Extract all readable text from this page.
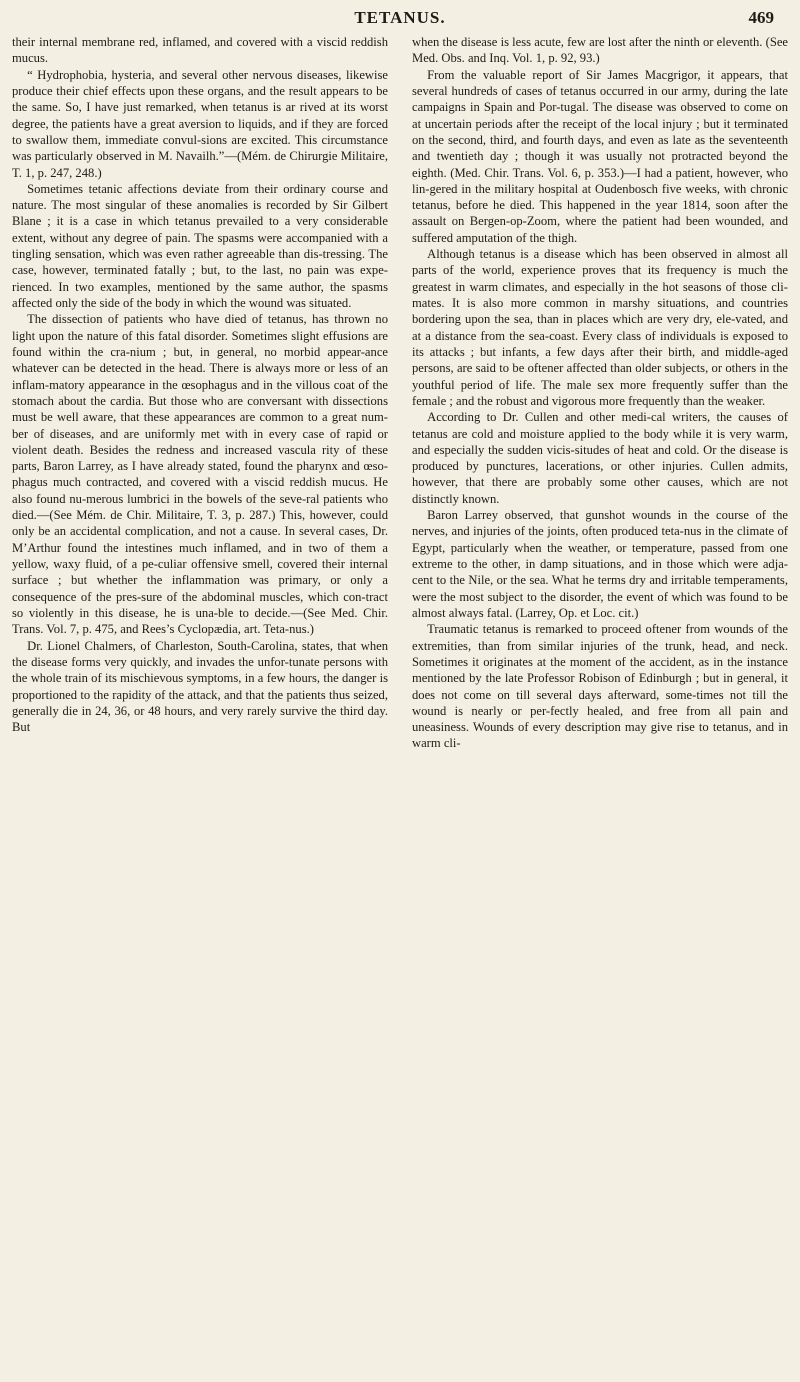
TETANUS.	469

their internal membrane red, inflamed, and covered with a viscid reddish mucus.

“ Hydrophobia, hysteria, and several other nervous diseases, likewise produce their chief effects upon these organs, and the result appears to be the same. So, I have just remarked, when tetanus is ar rived at its worst degree, the patients have a great aversion to liquids, and if they are forced to swallow them, immediate convul-sions are excited. This circumstance was particularly observed in M. Navailh.”—(Mém. de Chirurgie Militaire, T. 1, p. 247, 248.)

Sometimes tetanic affections deviate from their ordinary course and nature. The most singular of these anomalies is recorded by Sir Gilbert Blane ; it is a case in which tetanus prevailed to a very considerable extent, without any degree of pain. The spasms were accompanied with a tingling sensation, which was even rather agreeable than dis-tressing. The case, however, terminated fatally ; but, to the last, no pain was expe-rienced. In two examples, mentioned by the same author, the spasms affected only the side of the body in which the wound was situated.

The dissection of patients who have died of tetanus, has thrown no light upon the nature of this fatal disorder. Sometimes slight effusions are found within the cra-nium ; but, in general, no morbid appear-ance whatever can be detected in the head. There is always more or less of an inflam-matory appearance in the œsophagus and in the villous coat of the stomach about the cardia. But those who are conversant with dissections must be well aware, that these appearances are common to a great num-ber of diseases, and are uniformly met with in every case of rapid or violent death. Besides the redness and increased vascula rity of these parts, Baron Larrey, as I have already stated, found the pharynx and œso-phagus much contracted, and covered with a viscid reddish mucus. He also found nu-merous lumbrici in the bowels of the seve-ral patients who died.—(See Mém. de Chir. Militaire, T. 3, p. 287.) This, however, could only be an accidental complication, and not a cause. In several cases, Dr. M’Arthur found the intestines much inflamed, and in two of them a yellow, waxy fluid, of a pe-culiar offensive smell, covered their internal surface ; but whether the inflammation was primary, or only a consequence of the pres-sure of the abdominal muscles, which con-tract so violently in this disease, he is una-ble to decide.—(See Med. Chir. Trans. Vol. 7, p. 475, and Rees’s Cyclopædia, art. Teta-nus.)

Dr. Lionel Chalmers, of Charleston, South-Carolina, states, that when the disease forms very quickly, and invades the unfor-tunate persons with the whole train of its mischievous symptoms, in a few hours, the danger is proportioned to the rapidity of the attack, and that the patients thus seized, generally die in 24, 36, or 48 hours, and very rarely survive the third day. But

when the disease is less acute, few are lost after the ninth or eleventh. (See Med. Obs. and Inq. Vol. 1, p. 92, 93.)

From the valuable report of Sir James Macgrigor, it appears, that several hundreds of cases of tetanus occurred in our army, during the late campaigns in Spain and Por-tugal. The disease was observed to come on at uncertain periods after the receipt of the local injury ; but it terminated on the second, third, and fourth days, and even as late as the seventeenth and twentieth day ; though it was usually not protracted beyond the eighth. (Med. Chir. Trans. Vol. 6, p. 353.)—I had a patient, however, who lin-gered in the military hospital at Oudenbosch five weeks, with chronic tetanus, before he died. This happened in the year 1814, soon after the assault on Bergen-op-Zoom, where the patient had been wounded, and suffered amputation of the thigh.

Although tetanus is a disease which has been observed in almost all parts of the world, experience proves that its frequency is much the greatest in warm climates, and especially in the hot seasons of those cli-mates. It is also more common in marshy situations, and countries bordering upon the sea, than in places which are very dry, ele-vated, and at a distance from the sea-coast. Every class of individuals is exposed to its attacks ; but infants, a few days after their birth, and middle-aged persons, are said to be oftener affected than older subjects, or others in the youthful period of life. The male sex more frequently suffer than the female ; and the robust and vigorous more frequently than the weaker.

According to Dr. Cullen and other medi-cal writers, the causes of tetanus are cold and moisture applied to the body while it is very warm, and especially the sudden vicis-situdes of heat and cold. Or the disease is produced by punctures, lacerations, or other injuries. Cullen admits, however, that there are probably some other causes, which are not distinctly known.

Baron Larrey observed, that gunshot wounds in the course of the nerves, and injuries of the joints, often produced teta-nus in the climate of Egypt, particularly when the weather, or temperature, passed from one extreme to the other, in damp situations, and in those which were adja-cent to the Nile, or the sea. What he terms dry and irritable temperaments, were the most subject to the disorder, the event of which was found to be almost always fatal. (Larrey, Op. et Loc. cit.)

Traumatic tetanus is remarked to proceed oftener from wounds of the extremities, than from similar injuries of the trunk, head, and neck. Sometimes it originates at the moment of the accident, as in the instance mentioned by the late Professor Robison of Edinburgh ; but in general, it does not come on till several days afterward, some-times not till the wound is nearly or per-fectly healed, and free from all pain and uneasiness. Wounds of every description may give rise to tetanus, and in warm cli-
